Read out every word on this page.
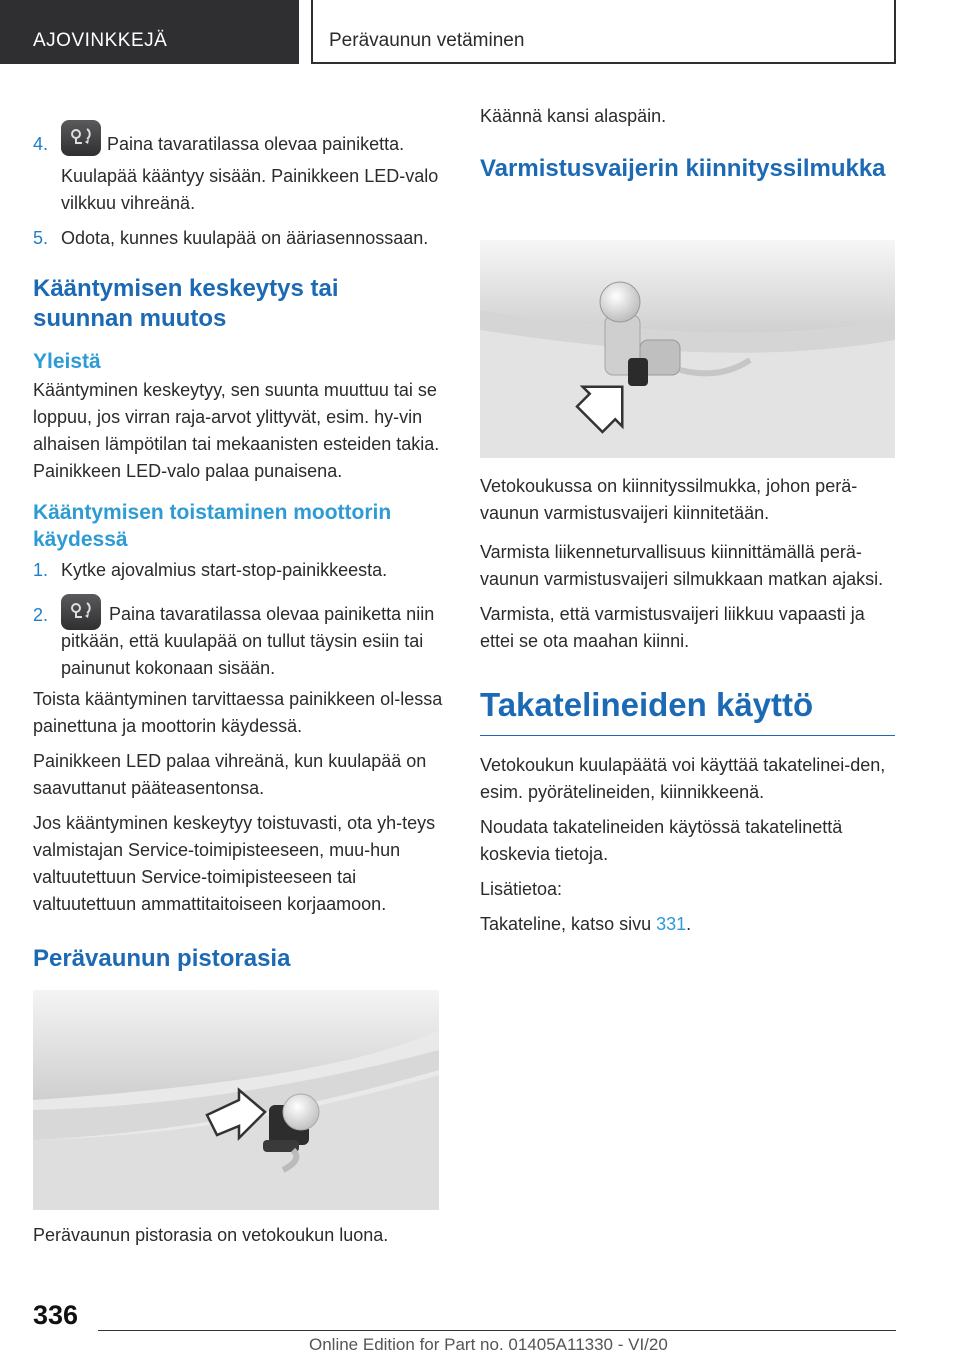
AJOVINKKEJÄ	Perävaunun vetäminen

4.	Paina tavaratilassa olevaa painiketta.

Kuulapää kääntyy sisään. Painikkeen LED-valo vilkkuu vihreänä.

5. Odota, kunnes kuulapää on ääriasennossaan.

Kääntymisen keskeytys tai suunnan muutos
Yleistä

Kääntyminen keskeytyy, sen suunta muuttuu tai se loppuu, jos virran raja-arvot ylittyvät, esim. hy-vin alhaisen lämpötilan tai mekaanisten esteiden takia. Painikkeen LED-valo palaa punaisena.

Kääntymisen toistaminen moottorin käydessä

1. Kytke ajovalmius start-stop-painikkeesta.

2.	Paina tavaratilassa olevaa painiketta niin pitkään, että kuulapää on tullut täysin esiin tai painunut kokonaan sisään.

Toista kääntyminen tarvittaessa painikkeen ol-lessa painettuna ja moottorin käydessä.

Painikkeen LED palaa vihreänä, kun kuulapää on saavuttanut pääteasentonsa.

Jos kääntyminen keskeytyy toistuvasti, ota yh-teys valmistajan Service-toimipisteeseen, muu-hun valtuutettuun Service-toimipisteeseen tai valtuutettuun ammattitaitoiseen korjaamoon.

Perävaunun pistorasia

Perävaunun pistorasia on vetokoukun luona.

Käännä kansi alaspäin.

Varmistusvaijerin kiinnityssilmukka

Vetokoukussa on kiinnityssilmukka, johon perä-vaunun varmistusvaijeri kiinnitetään.

Varmista liikenneturvallisuus kiinnittämällä perä-vaunun varmistusvaijeri silmukkaan matkan ajaksi.

Varmista, että varmistusvaijeri liikkuu vapaasti ja ettei se ota maahan kiinni.

Takatelineiden käyttö

Vetokoukun kuulapäätä voi käyttää takatelinei-den, esim. pyörätelineiden, kiinnikkeenä.

Noudata takatelineiden käytössä takatelinettä koskevia tietoja.

Lisätietoa:

Takateline, katso sivu 331.

336
Online Edition for Part no. 01405A11330 - VI/20
